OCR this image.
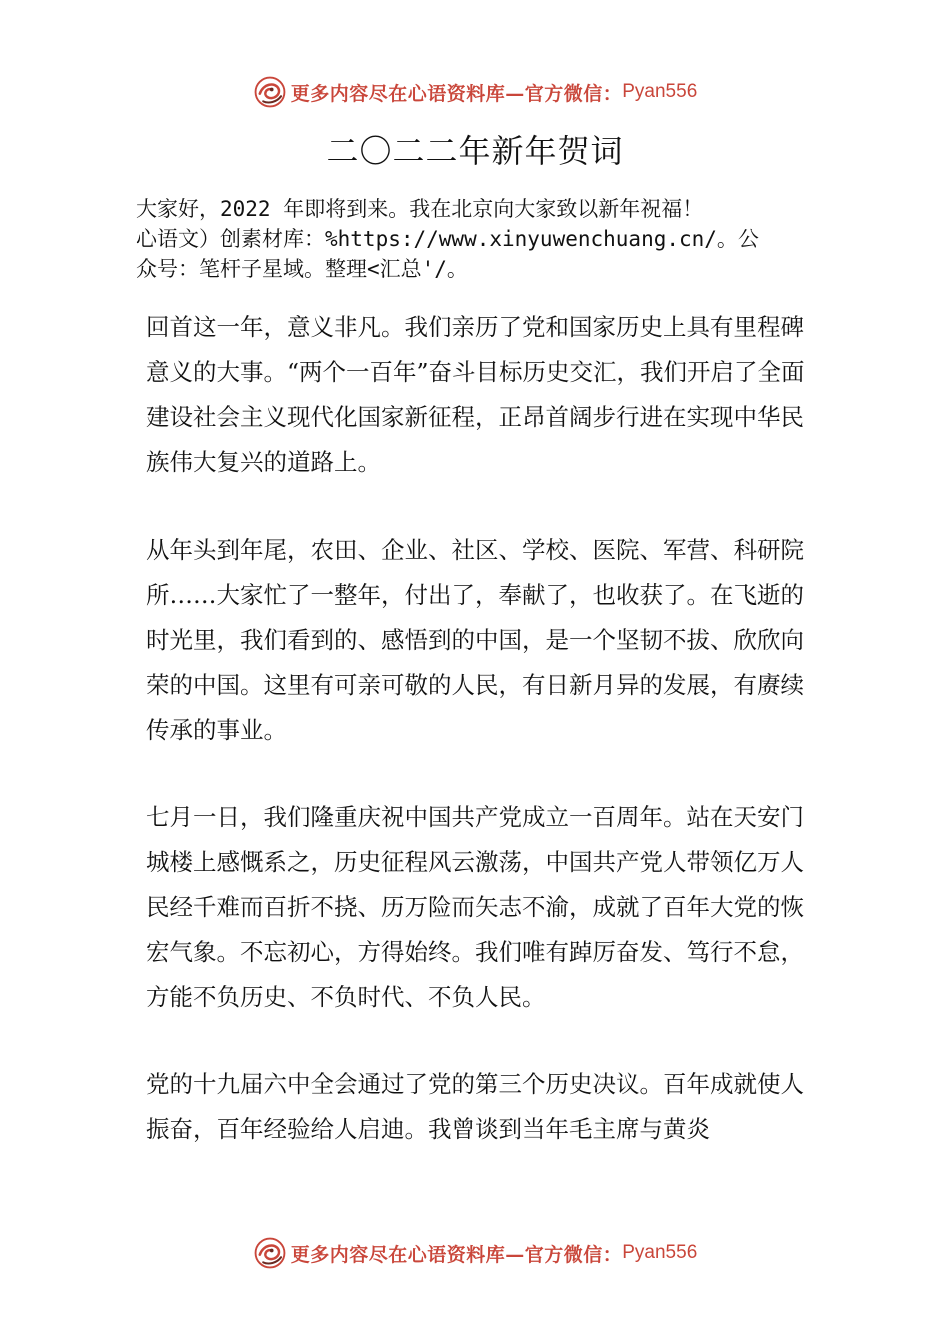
更多内容尽在心语资料库—官方微信： Pyan556
二〇二二年新年贺词

大家好，2022 年即将到来。我在北京向大家致以新年祝福！

心语文）创素材库：%https://www.xinyuwenchuang.cn/。公

众号：笔杆子星域。整理<汇总'/。

回首这一年，意义非凡。我们亲历了党和国家历史上具有里程碑意义的大事。“两个一百年”奋斗目标历史交汇，我们开启了全面建设社会主义现代化国家新征程，正昂首阔步行进在实现中华民族伟大复兴的道路上。

从年头到年尾，农田、企业、社区、学校、医院、军营、科研院所……大家忙了一整年，付出了，奉献了，也收获了。在飞逝的时光里，我们看到的、感悟到的中国，是一个坚韧不拔、欣欣向荣的中国。这里有可亲可敬的人民，有日新月异的发展，有赓续传承的事业。

七月一日，我们隆重庆祝中国共产党成立一百周年。站在天安门城楼上感慨系之，历史征程风云激荡，中国共产党人带领亿万人民经千难而百折不挠、历万险而矢志不渝，成就了百年大党的恢宏气象。不忘初心，方得始终。我们唯有踔厉奋发、笃行不怠，方能不负历史、不负时代、不负人民。

党的十九届六中全会通过了党的第三个历史决议。百年成就使人振奋，百年经验给人启迪。我曾谈到当年毛主席与黄炎

更多内容尽在心语资料库—官方微信： Pyan556
